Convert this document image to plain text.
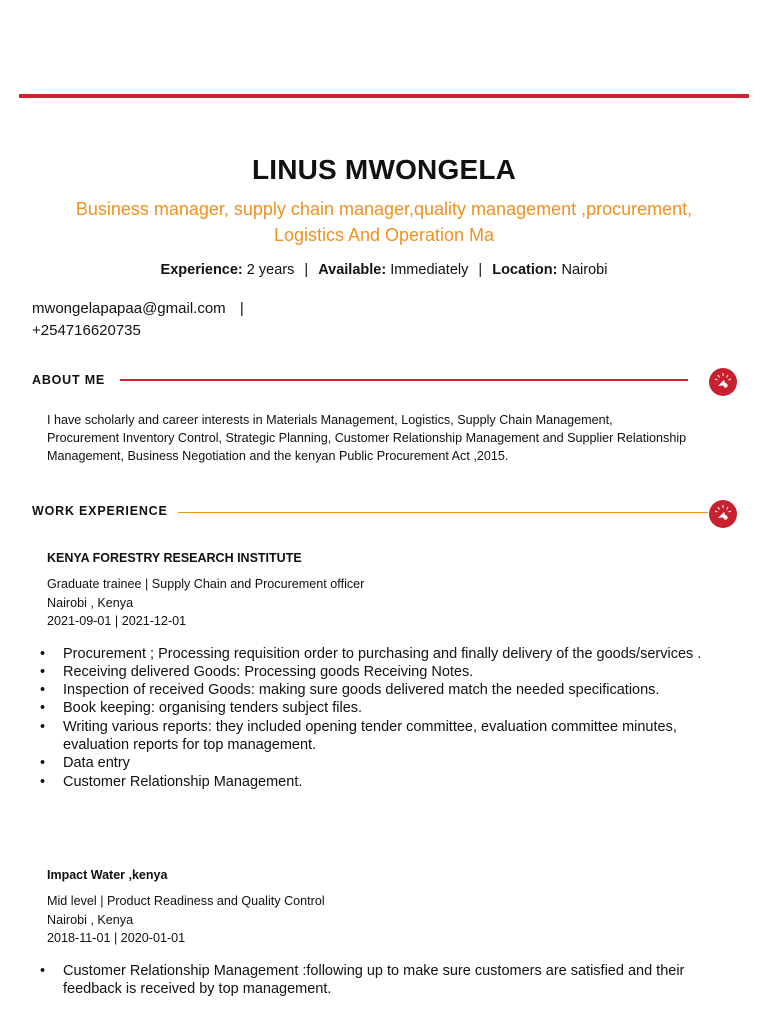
LINUS MWONGELA
Business manager, supply chain manager,quality management ,procurement, Logistics And Operation Ma
Experience: 2 years | Available: Immediately | Location: Nairobi
mwongelapapaa@gmail.com |
+254716620735
ABOUT ME
I have scholarly and career interests in Materials Management, Logistics, Supply Chain Management, Procurement Inventory Control, Strategic Planning, Customer Relationship Management and Supplier Relationship Management, Business Negotiation and the kenyan Public Procurement Act ,2015.
WORK EXPERIENCE
KENYA FORESTRY RESEARCH INSTITUTE
Graduate trainee | Supply Chain and Procurement officer
Nairobi , Kenya
2021-09-01 | 2021-12-01
• Procurement ; Processing requisition order to purchasing and finally delivery of the goods/services .
• Receiving delivered Goods: Processing goods Receiving Notes.
• Inspection of received Goods: making sure goods delivered match the needed specifications.
• Book keeping: organising tenders subject files.
• Writing various reports: they included opening tender committee, evaluation committee minutes, evaluation reports for top management.
• Data entry
• Customer Relationship Management.
Impact Water ,kenya
Mid level | Product Readiness and Quality Control
Nairobi , Kenya
2018-11-01 | 2020-01-01
• Customer Relationship Management :following up to make sure customers are satisfied and their feedback is received by top management.
